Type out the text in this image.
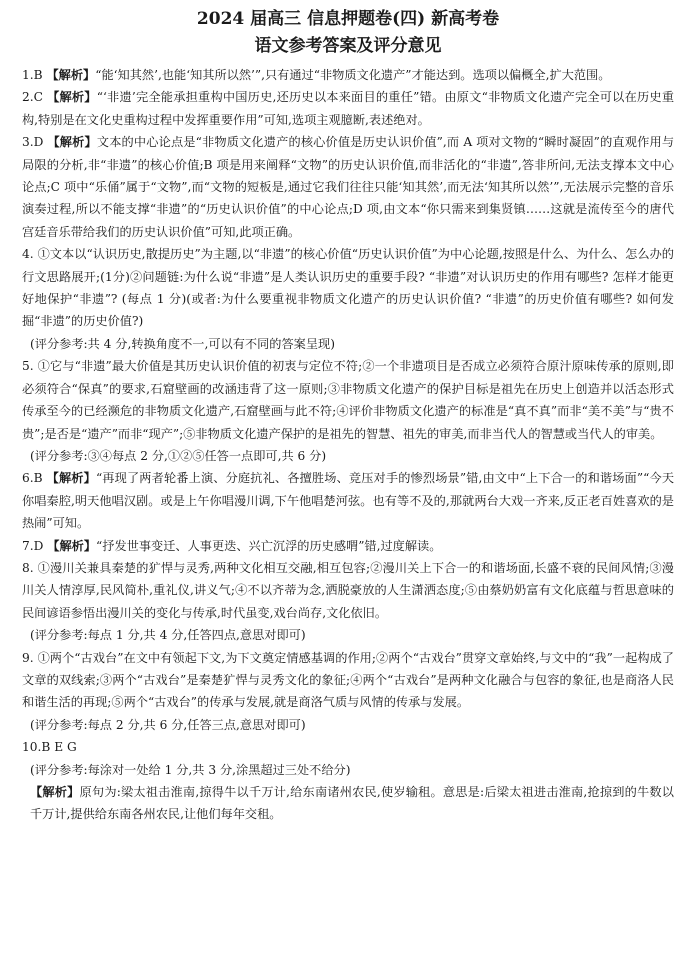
2024 届高三 信息押题卷(四) 新高考卷

语文参考答案及评分意见

1.B 【解析】“能‘知其然’,也能‘知其所以然’”,只有通过“非物质文化遗产”才能达到。选项以偏概全,扩大范围。

2.C 【解析】“‘非遗’完全能承担重构中国历史,还历史以本来面目的重任”错。由原文“非物质文化遗产完全可以在历史重构,特别是在文化史重构过程中发挥重要作用”可知,选项主观臆断,表述绝对。

3.D 【解析】文本的中心论点是“非物质文化遗产的核心价值是历史认识价值”,而 A 项对文物的“瞬时凝固”的直观作用与局限的分析,非“非遗”的核心价值;B 项是用来阐释“文物”的历史认识价值,而非活化的“非遗”,答非所问,无法支撑本文中心论点;C 项中“乐俑”属于“文物”,而“文物的短板是,通过它我们往往只能‘知其然’,而无法‘知其所以然’”,无法展示完整的音乐演奏过程,所以不能支撑“非遗”的“历史认识价值”的中心论点;D 项,由文本“你只需来到集贤镇……这就是流传至今的唐代宫廷音乐带给我们的历史认识价值”可知,此项正确。

4. ①文本以“认识历史,散提历史”为主题,以“非遗”的核心价值“历史认识价值”为中心论题,按照是什么、为什么、怎么办的行文思路展开;(1分)②问题链:为什么说“非遗”是人类认识历史的重要手段? “非遗”对认识历史的作用有哪些? 怎样才能更好地保护“非遗”? (每点 1 分)(或者:为什么要重视非物质文化遗产的历史认识价值? “非遗”的历史价值有哪些? 如何发掘“非遗”的历史价值?)

(评分参考:共 4 分,转换角度不一,可以有不同的答案呈现)

5. ①它与“非遗”最大价值是其历史认识价值的初衷与定位不符;②一个非遗项目是否成立必须符合原汁原味传承的原则,即必须符合“保真”的要求,石窟壁画的改涵违背了这一原则;③非物质文化遗产的保护目标是祖先在历史上创造并以活态形式传承至今的已经濒危的非物质文化遗产,石窟壁画与此不符;④评价非物质文化遗产的标准是“真不真”而非“美不美”与“贵不贵”;是否是“遗产”而非“现产”;⑤非物质文化遗产保护的是祖先的智慧、祖先的审美,而非当代人的智慧或当代人的审美。

(评分参考:③④每点 2 分,①②⑤任答一点即可,共 6 分)

6.B 【解析】“再现了两者轮番上演、分庭抗礼、各擅胜场、竞压对手的惨烈场景”错,由文中“上下合一的和谐场面”“今天你唱秦腔,明天他唱汉剧。或是上午你唱漫川调,下午他唱楚河弦。也有等不及的,那就两台大戏一齐来,反正老百姓喜欢的是热闹”可知。

7.D 【解析】“抒发世事变迁、人事更迭、兴亡沉浮的历史感喟”错,过度解读。

8. ①漫川关兼具秦楚的犷悍与灵秀,两种文化相互交融,相互包容;②漫川关上下合一的和谐场面,长盛不衰的民间风情;③漫川关人情淳厚,民风简朴,重礼仪,讲义气;④不以齐蒂为念,洒脱豪放的人生潇洒态度;⑤由蔡奶奶富有文化底蕴与哲思意味的民间谚语参悟出漫川关的变化与传承,时代虽变,戏台尚存,文化依旧。

(评分参考:每点 1 分,共 4 分,任答四点,意思对即可)

9. ①两个“古戏台”在文中有领起下文,为下文奠定情感基调的作用;②两个“古戏台”贯穿文章始终,与文中的“我”一起构成了文章的双线索;③两个“古戏台”是秦楚犷悍与灵秀文化的象征;④两个“古戏台”是两种文化融合与包容的象征,也是商洛人民和谐生活的再现;⑤两个“古戏台”的传承与发展,就是商洛气质与风情的传承与发展。

(评分参考:每点 2 分,共 6 分,任答三点,意思对即可)

10.B E G

(评分参考:每涂对一处给 1 分,共 3 分,涂黑超过三处不给分)

【解析】原句为:梁太祖击淮南,掠得牛以千万计,给东南诸州农民,使岁输租。意思是:后梁太祖进击淮南,抢掠到的牛数以千万计,提供给东南各州农民,让他们每年交租。
